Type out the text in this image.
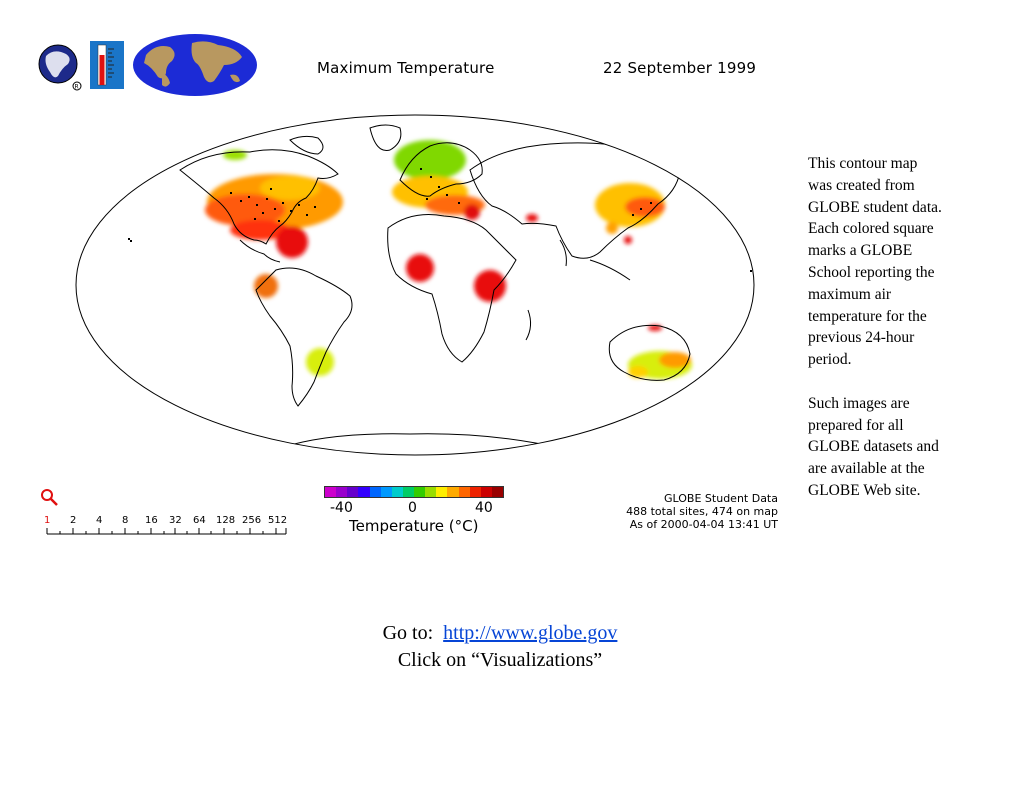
R
Maximum Temperature	22 September 1999
1 2 4 8 16 32 64 128 256 512
-40	0	40
Temperature (°C)
GLOBE Student Data
488 total sites, 474 on map
As of 2000-04-04 13:41 UT

This contour map was created from GLOBE student data. Each colored square marks a GLOBE School reporting the maximum air temperature for the previous 24-hour period.

Such images are prepared for all GLOBE datasets and are available at the GLOBE Web site.

Go to: http://www.globe.gov
Click on “Visualizations”
